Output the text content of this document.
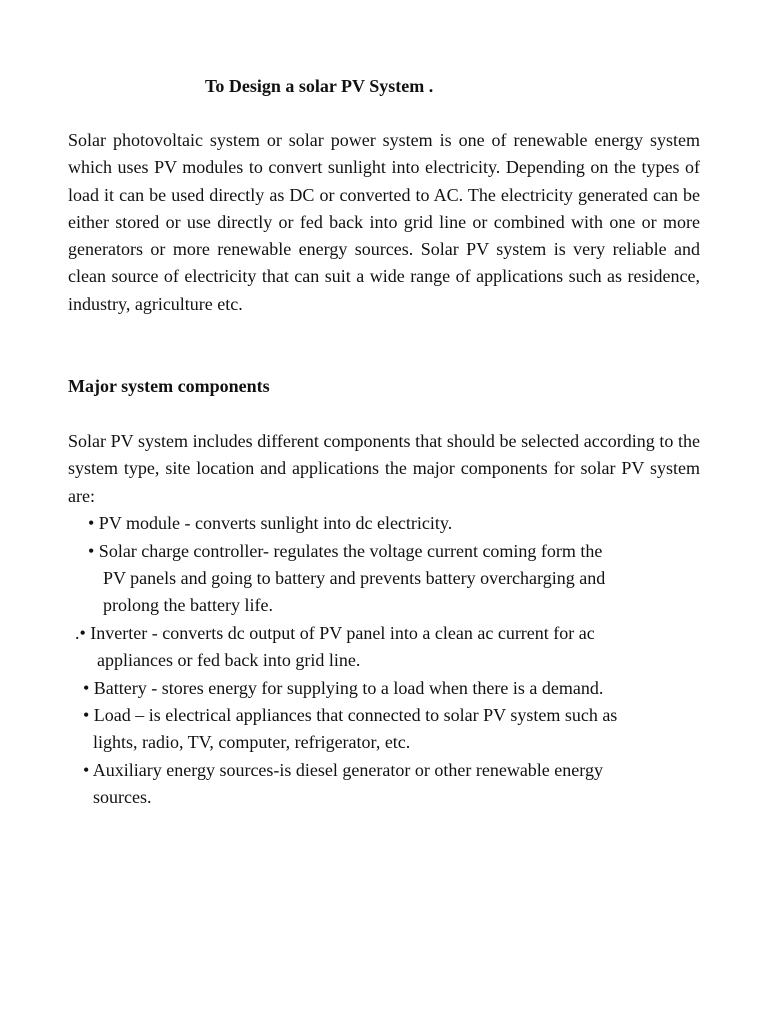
To Design a solar PV System .

Solar photovoltaic system or solar power system is one of renewable energy system which uses PV modules to convert sunlight into electricity. Depending on the types of load it can be used directly as DC or converted to AC. The electricity generated can be either stored or use directly or fed back into grid line or combined with one or more generators or more renewable energy sources. Solar PV system is very reliable and clean source of electricity that can suit a wide range of applications such as residence, industry, agriculture etc.

Major system components

Solar PV system includes different components that should be selected according to the system type, site location and applications the major components for solar PV system are:

• PV module - converts sunlight into dc electricity.

• Solar charge controller- regulates the voltage current coming form the

PV panels and going to battery and prevents battery overcharging and

prolong the battery life.

.• Inverter - converts dc output of PV panel into a clean ac current for ac

appliances or fed back into grid line.

• Battery - stores energy for supplying to a load when there is a demand.

• Load – is electrical appliances that connected to solar PV system such as

lights, radio, TV, computer, refrigerator, etc.

• Auxiliary energy sources-is diesel generator or other renewable energy

sources.
